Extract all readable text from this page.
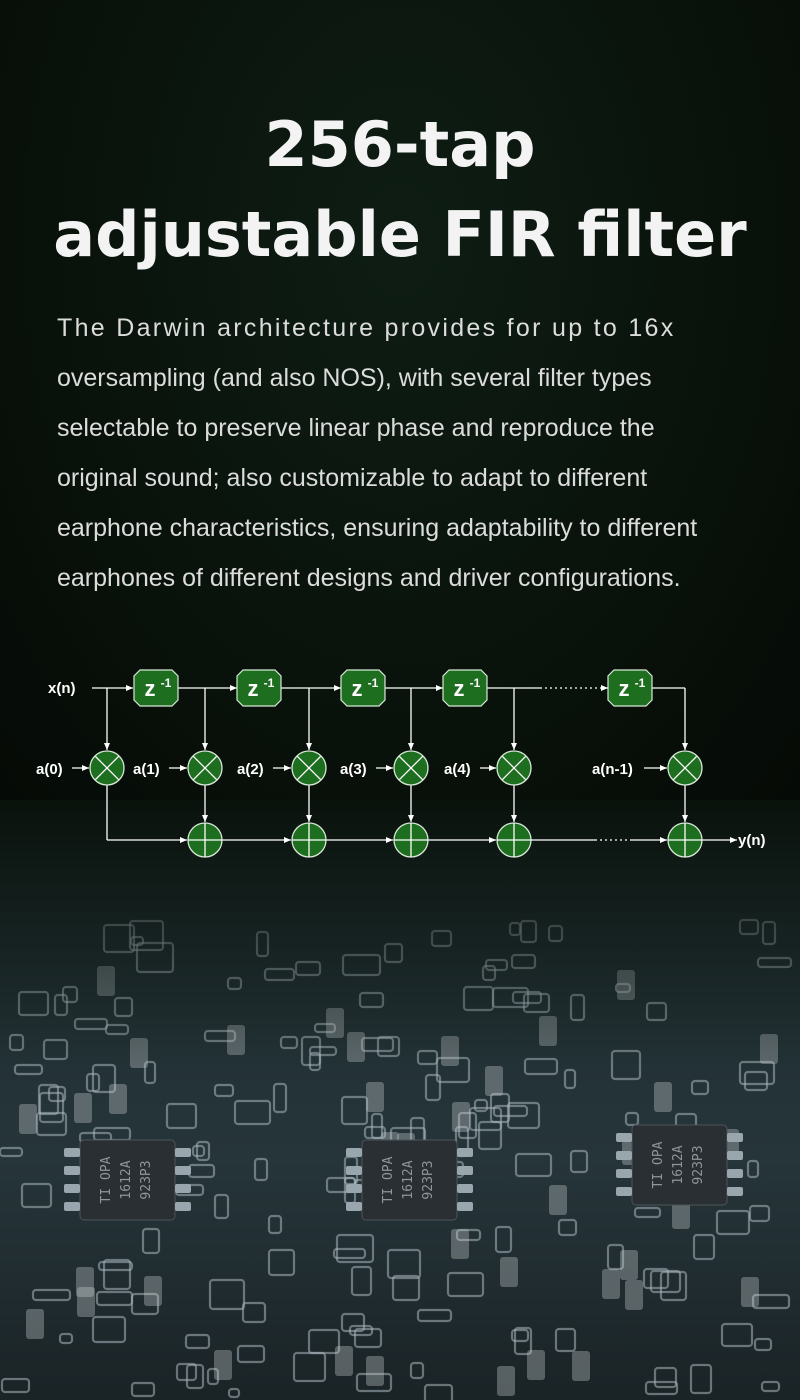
256-tap
adjustable FIR filter
The Darwin architecture provides for up to 16x
oversampling (and also NOS), with several filter types
selectable to preserve linear phase and reproduce the
original sound; also customizable to adapt to different
earphone characteristics, ensuring adaptability to different
earphones of different designs and driver configurations.
z -1	z -1	z -1	z -1	z -1
x(n)
a(0)	a(1)	a(2)	a(3)	a(4)	a(n-1)
y(n)
